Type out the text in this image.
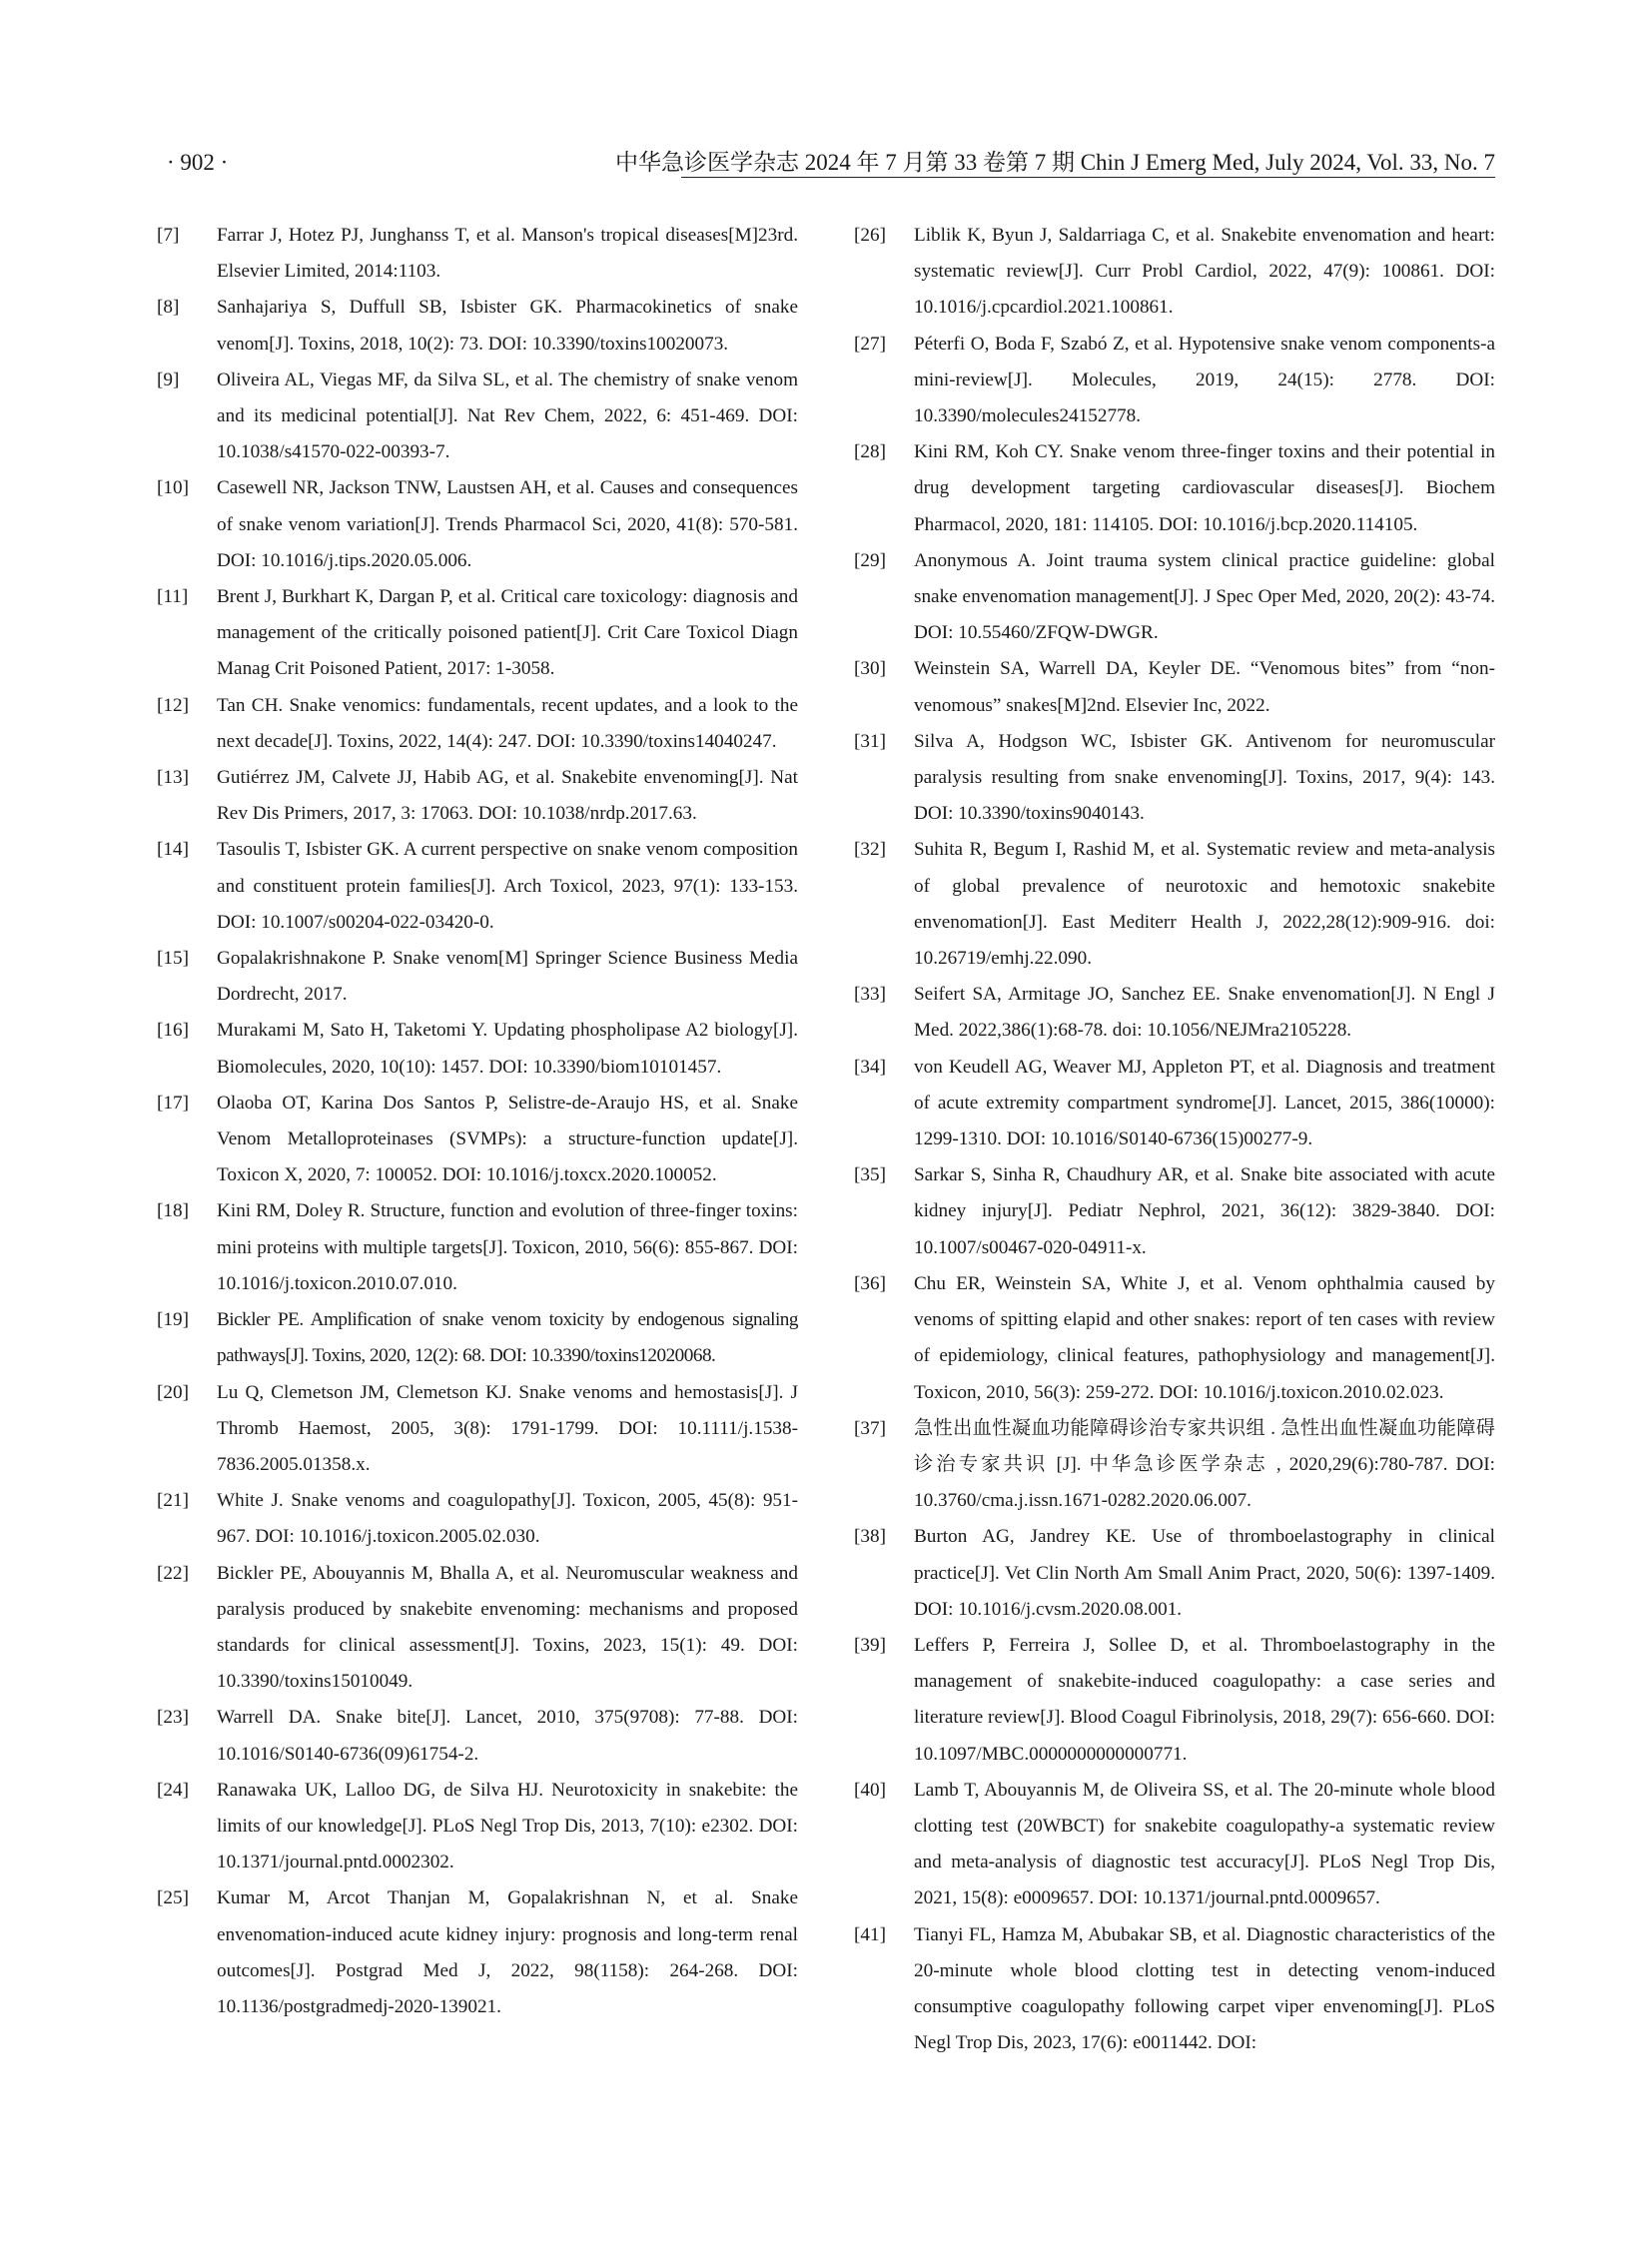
· 902 ·	中华急诊医学杂志 2024 年 7 月第 33 卷第 7 期 Chin J Emerg Med, July 2024, Vol. 33, No. 7
[7] Farrar J, Hotez PJ, Junghanss T, et al. Manson's tropical diseases[M]23rd. Elsevier Limited, 2014:1103.
[8] Sanhajariya S, Duffull SB, Isbister GK. Pharmacokinetics of snake venom[J]. Toxins, 2018, 10(2): 73. DOI: 10.3390/toxins10020073.
[9] Oliveira AL, Viegas MF, da Silva SL, et al. The chemistry of snake venom and its medicinal potential[J]. Nat Rev Chem, 2022, 6: 451-469. DOI: 10.1038/s41570-022-00393-7.
[10] Casewell NR, Jackson TNW, Laustsen AH, et al. Causes and consequences of snake venom variation[J]. Trends Pharmacol Sci, 2020, 41(8): 570-581. DOI: 10.1016/j.tips.2020.05.006.
[11] Brent J, Burkhart K, Dargan P, et al. Critical care toxicology: diagnosis and management of the critically poisoned patient[J]. Crit Care Toxicol Diagn Manag Crit Poisoned Patient, 2017: 1-3058.
[12] Tan CH. Snake venomics: fundamentals, recent updates, and a look to the next decade[J]. Toxins, 2022, 14(4): 247. DOI: 10.3390/toxins14040247.
[13] Gutiérrez JM, Calvete JJ, Habib AG, et al. Snakebite envenoming[J]. Nat Rev Dis Primers, 2017, 3: 17063. DOI: 10.1038/nrdp.2017.63.
[14] Tasoulis T, Isbister GK. A current perspective on snake venom composition and constituent protein families[J]. Arch Toxicol, 2023, 97(1): 133-153. DOI: 10.1007/s00204-022-03420-0.
[15] Gopalakrishnakone P. Snake venom[M] Springer Science Business Media Dordrecht, 2017.
[16] Murakami M, Sato H, Taketomi Y. Updating phospholipase A2 biology[J]. Biomolecules, 2020, 10(10): 1457. DOI: 10.3390/biom10101457.
[17] Olaoba OT, Karina Dos Santos P, Selistre-de-Araujo HS, et al. Snake Venom Metalloproteinases (SVMPs): a structure-function update[J]. Toxicon X, 2020, 7: 100052. DOI: 10.1016/j.toxcx.2020.100052.
[18] Kini RM, Doley R. Structure, function and evolution of three-finger toxins: mini proteins with multiple targets[J]. Toxicon, 2010, 56(6): 855-867. DOI: 10.1016/j.toxicon.2010.07.010.
[19] Bickler PE. Amplification of snake venom toxicity by endogenous signaling pathways[J]. Toxins, 2020, 12(2): 68. DOI: 10.3390/toxins12020068.
[20] Lu Q, Clemetson JM, Clemetson KJ. Snake venoms and hemostasis[J]. J Thromb Haemost, 2005, 3(8): 1791-1799. DOI: 10.1111/j.1538-7836.2005.01358.x.
[21] White J. Snake venoms and coagulopathy[J]. Toxicon, 2005, 45(8): 951-967. DOI: 10.1016/j.toxicon.2005.02.030.
[22] Bickler PE, Abouyannis M, Bhalla A, et al. Neuromuscular weakness and paralysis produced by snakebite envenoming: mechanisms and proposed standards for clinical assessment[J]. Toxins, 2023, 15(1): 49. DOI: 10.3390/toxins15010049.
[23] Warrell DA. Snake bite[J]. Lancet, 2010, 375(9708): 77-88. DOI: 10.1016/S0140-6736(09)61754-2.
[24] Ranawaka UK, Lalloo DG, de Silva HJ. Neurotoxicity in snakebite: the limits of our knowledge[J]. PLoS Negl Trop Dis, 2013, 7(10): e2302. DOI: 10.1371/journal.pntd.0002302.
[25] Kumar M, Arcot Thanjan M, Gopalakrishnan N, et al. Snake envenomation-induced acute kidney injury: prognosis and long-term renal outcomes[J]. Postgrad Med J, 2022, 98(1158): 264-268. DOI: 10.1136/postgradmedj-2020-139021.
[26] Liblik K, Byun J, Saldarriaga C, et al. Snakebite envenomation and heart: systematic review[J]. Curr Probl Cardiol, 2022, 47(9): 100861. DOI: 10.1016/j.cpcardiol.2021.100861.
[27] Péterfi O, Boda F, Szabó Z, et al. Hypotensive snake venom components-a mini-review[J]. Molecules, 2019, 24(15): 2778. DOI: 10.3390/molecules24152778.
[28] Kini RM, Koh CY. Snake venom three-finger toxins and their potential in drug development targeting cardiovascular diseases[J]. Biochem Pharmacol, 2020, 181: 114105. DOI: 10.1016/j.bcp.2020.114105.
[29] Anonymous A. Joint trauma system clinical practice guideline: global snake envenomation management[J]. J Spec Oper Med, 2020, 20(2): 43-74. DOI: 10.55460/ZFQW-DWGR.
[30] Weinstein SA, Warrell DA, Keyler DE. “Venomous bites” from “non-venomous” snakes[M]2nd. Elsevier Inc, 2022.
[31] Silva A, Hodgson WC, Isbister GK. Antivenom for neuromuscular paralysis resulting from snake envenoming[J]. Toxins, 2017, 9(4): 143. DOI: 10.3390/toxins9040143.
[32] Suhita R, Begum I, Rashid M, et al. Systematic review and meta-analysis of global prevalence of neurotoxic and hemotoxic snakebite envenomation[J]. East Mediterr Health J, 2022,28(12):909-916. doi: 10.26719/emhj.22.090.
[33] Seifert SA, Armitage JO, Sanchez EE. Snake envenomation[J]. N Engl J Med. 2022,386(1):68-78. doi: 10.1056/NEJMra2105228.
[34] von Keudell AG, Weaver MJ, Appleton PT, et al. Diagnosis and treatment of acute extremity compartment syndrome[J]. Lancet, 2015, 386(10000): 1299-1310. DOI: 10.1016/S0140-6736(15)00277-9.
[35] Sarkar S, Sinha R, Chaudhury AR, et al. Snake bite associated with acute kidney injury[J]. Pediatr Nephrol, 2021, 36(12): 3829-3840. DOI: 10.1007/s00467-020-04911-x.
[36] Chu ER, Weinstein SA, White J, et al. Venom ophthalmia caused by venoms of spitting elapid and other snakes: report of ten cases with review of epidemiology, clinical features, pathophysiology and management[J]. Toxicon, 2010, 56(3): 259-272. DOI: 10.1016/j.toxicon.2010.02.023.
[37] 急性出血性凝血功能障碍诊治专家共识组 . 急性出血性凝血功能障碍诊治专家共识 [J]. 中华急诊医学杂志 , 2020,29(6):780-787. DOI: 10.3760/cma.j.issn.1671-0282.2020.06.007.
[38] Burton AG, Jandrey KE. Use of thromboelastography in clinical practice[J]. Vet Clin North Am Small Anim Pract, 2020, 50(6): 1397-1409. DOI: 10.1016/j.cvsm.2020.08.001.
[39] Leffers P, Ferreira J, Sollee D, et al. Thromboelastography in the management of snakebite-induced coagulopathy: a case series and literature review[J]. Blood Coagul Fibrinolysis, 2018, 29(7): 656-660. DOI: 10.1097/MBC.0000000000000771.
[40] Lamb T, Abouyannis M, de Oliveira SS, et al. The 20-minute whole blood clotting test (20WBCT) for snakebite coagulopathy-a systematic review and meta-analysis of diagnostic test accuracy[J]. PLoS Negl Trop Dis, 2021, 15(8): e0009657. DOI: 10.1371/journal.pntd.0009657.
[41] Tianyi FL, Hamza M, Abubakar SB, et al. Diagnostic characteristics of the 20-minute whole blood clotting test in detecting venom-induced consumptive coagulopathy following carpet viper envenoming[J]. PLoS Negl Trop Dis, 2023, 17(6): e0011442. DOI:
